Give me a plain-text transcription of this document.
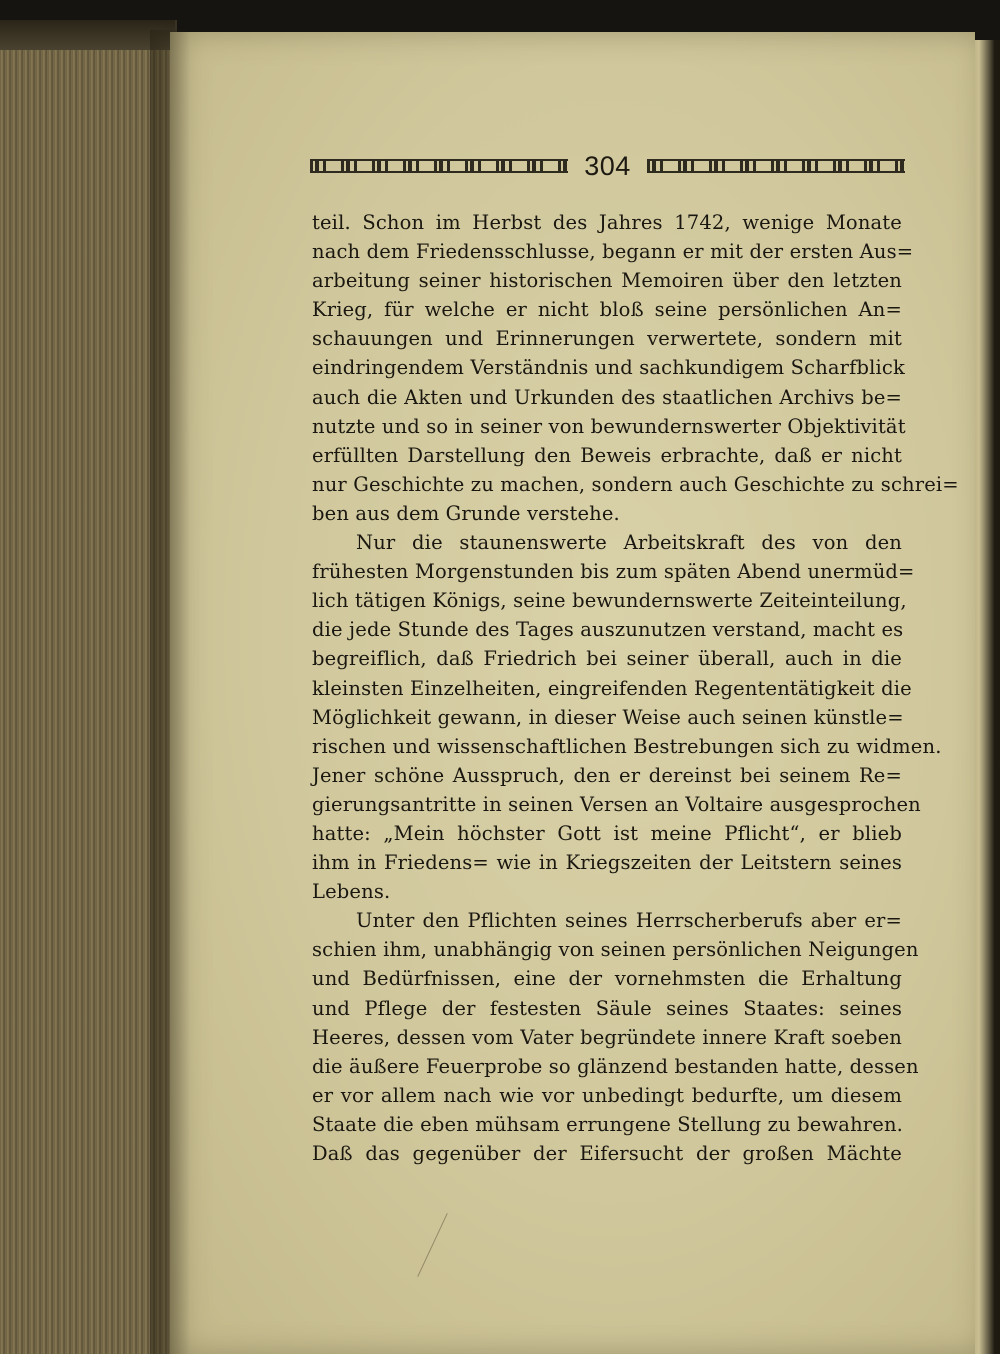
304
teil. Schon im Herbst des Jahres 1742, wenige Monate
nach dem Friedensschlusse, begann er mit der ersten Aus=
arbeitung seiner historischen Memoiren über den letzten
Krieg, für welche er nicht bloß seine persönlichen An=
schauungen und Erinnerungen verwertete, sondern mit
eindringendem Verständnis und sachkundigem Scharfblick
auch die Akten und Urkunden des staatlichen Archivs be=
nutzte und so in seiner von bewundernswerter Objektivität
erfüllten Darstellung den Beweis erbrachte, daß er nicht
nur Geschichte zu machen, sondern auch Geschichte zu schrei=
ben aus dem Grunde verstehe.
Nur die staunenswerte Arbeitskraft des von den
frühesten Morgenstunden bis zum späten Abend unermüd=
lich tätigen Königs, seine bewundernswerte Zeiteinteilung,
die jede Stunde des Tages auszunutzen verstand, macht es
begreiflich, daß Friedrich bei seiner überall, auch in die
kleinsten Einzelheiten, eingreifenden Regententätigkeit die
Möglichkeit gewann, in dieser Weise auch seinen künstle=
rischen und wissenschaftlichen Bestrebungen sich zu widmen.
Jener schöne Ausspruch, den er dereinst bei seinem Re=
gierungsantritte in seinen Versen an Voltaire ausgesprochen
hatte: „Mein höchster Gott ist meine Pflicht“, er blieb
ihm in Friedens= wie in Kriegszeiten der Leitstern seines
Lebens.
Unter den Pflichten seines Herrscherberufs aber er=
schien ihm, unabhängig von seinen persönlichen Neigungen
und Bedürfnissen, eine der vornehmsten die Erhaltung
und Pflege der festesten Säule seines Staates: seines
Heeres, dessen vom Vater begründete innere Kraft soeben
die äußere Feuerprobe so glänzend bestanden hatte, dessen
er vor allem nach wie vor unbedingt bedurfte, um diesem
Staate die eben mühsam errungene Stellung zu bewahren.
Daß das gegenüber der Eifersucht der großen Mächte
